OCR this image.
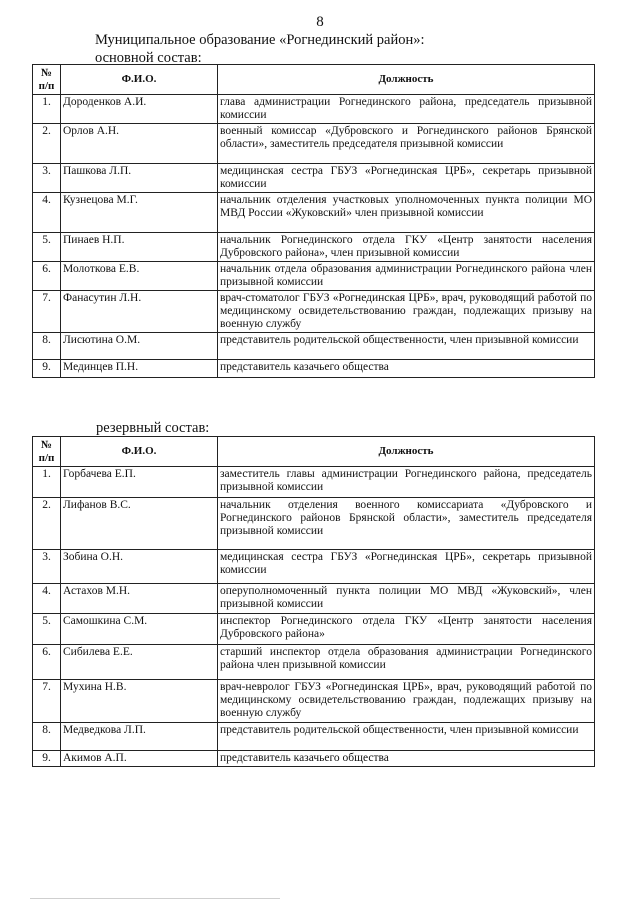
8
Муниципальное образование «Рогнединский район»:
основной состав:
№ п/п	Ф.И.О.	Должность
1.	Дороденков А.И.	глава администрации Рогнединского района, председатель призывной комиссии
2.	Орлов А.Н.	военный комиссар «Дубровского и Рогнединского районов Брянской области», заместитель председателя призывной комиссии
3.	Пашкова Л.П.	медицинская сестра ГБУЗ «Рогнединская ЦРБ», секретарь призывной комиссии
4.	Кузнецова М.Г.	начальник отделения участковых уполномоченных пункта полиции МО МВД России «Жуковский» член призывной комиссии
5.	Пинаев Н.П.	начальник Рогнединского отдела ГКУ «Центр занятости населения Дубровского района», член призывной комиссии
6.	Молоткова Е.В.	начальник отдела образования администрации Рогнединского района член призывной комиссии
7.	Фанасутин Л.Н.	врач-стоматолог ГБУЗ «Рогнединская ЦРБ», врач, руководящий работой по медицинскому освидетельствованию граждан, подлежащих призыву на военную службу
8.	Лисютина О.М.	представитель родительской общественности, член призывной комиссии
9.	Мединцев П.Н.	представитель казачьего общества
резервный состав:
№ п/п	Ф.И.О.	Должность
1.	Горбачева Е.П.	заместитель главы администрации Рогнединского района, председатель призывной комиссии
2.	Лифанов В.С.	начальник отделения военного комиссариата «Дубровского и Рогнединского районов Брянской области», заместитель председателя призывной комиссии
3.	Зобина О.Н.	медицинская сестра ГБУЗ «Рогнединская ЦРБ», секретарь призывной комиссии
4.	Астахов М.Н.	оперуполномоченный пункта полиции МО МВД «Жуковский», член призывной комиссии
5.	Самошкина С.М.	инспектор Рогнединского отдела ГКУ «Центр занятости населения Дубровского района»
6.	Сибилева Е.Е.	старший инспектор отдела образования администрации Рогнединского района член призывной комиссии
7.	Мухина Н.В.	врач-невролог ГБУЗ «Рогнединская ЦРБ», врач, руководящий работой по медицинскому освидетельствованию граждан, подлежащих призыву на военную службу
8.	Медведкова Л.П.	представитель родительской общественности, член призывной комиссии
9.	Акимов А.П.	представитель казачьего общества
